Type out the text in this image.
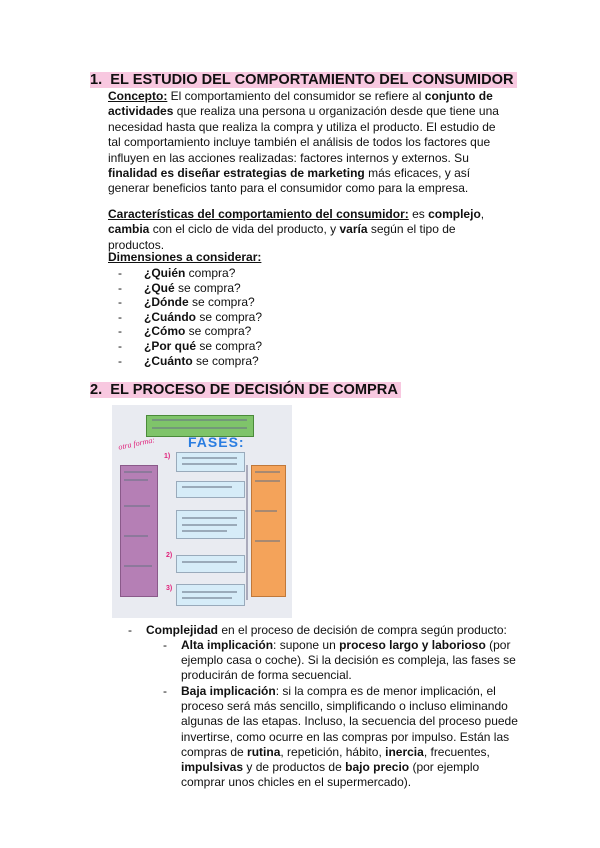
1. EL ESTUDIO DEL COMPORTAMIENTO DEL CONSUMIDOR

Concepto: El comportamiento del consumidor se refiere al conjunto de actividades que realiza una persona u organización desde que tiene una necesidad hasta que realiza la compra y utiliza el producto. El estudio de tal comportamiento incluye también el análisis de todos los factores que influyen en las acciones realizadas: factores internos y externos. Su finalidad es diseñar estrategias de marketing más eficaces, y así generar beneficios tanto para el consumidor como para la empresa.

Características del comportamiento del consumidor: es complejo, cambia con el ciclo de vida del producto, y varía según el tipo de productos.

Dimensiones a considerar:

- ¿Quién compra?
- ¿Qué se compra?
- ¿Dónde se compra?
- ¿Cuándo se compra?
- ¿Cómo se compra?
- ¿Por qué se compra?
- ¿Cuánto se compra?
2. EL PROCESO DE DECISIÓN DE COMPRA
FASES:
otra forma:
2)
3)
1)
- Complejidad en el proceso de decisión de compra según producto:
- Alta implicación: supone un proceso largo y laborioso (por ejemplo casa o coche). Si la decisión es compleja, las fases se producirán de forma secuencial.
- Baja implicación: si la compra es de menor implicación, el proceso será más sencillo, simplificando o incluso eliminando algunas de las etapas. Incluso, la secuencia del proceso puede invertirse, como ocurre en las compras por impulso. Están las compras de rutina, repetición, hábito, inercia, frecuentes, impulsivas y de productos de bajo precio (por ejemplo comprar unos chicles en el supermercado).
